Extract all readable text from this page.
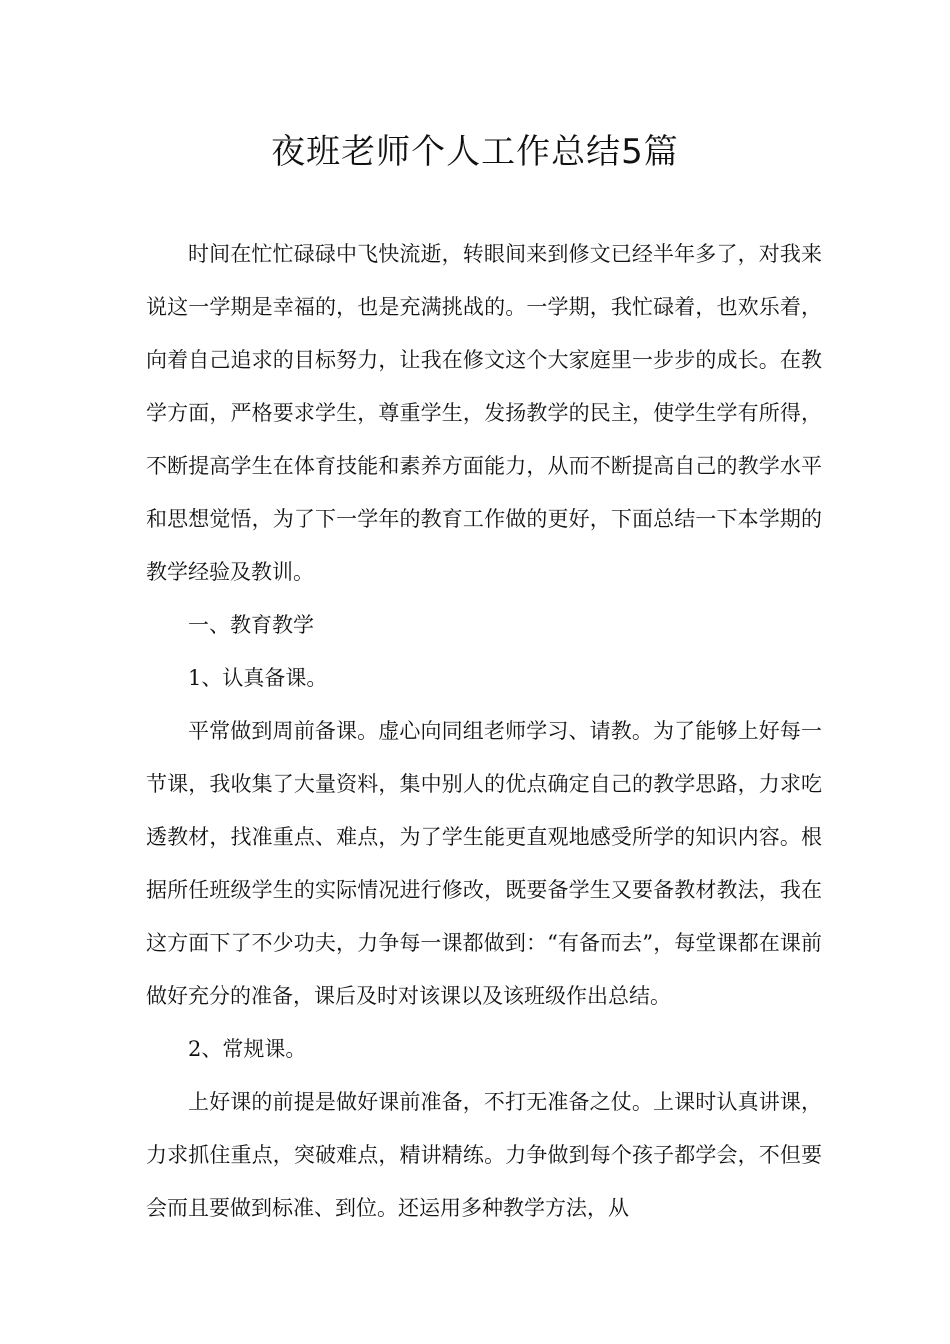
夜班老师个人工作总结5篇

时间在忙忙碌碌中飞快流逝，转眼间来到修文已经半年多了，对我来说这一学期是幸福的，也是充满挑战的。一学期，我忙碌着，也欢乐着，向着自己追求的目标努力，让我在修文这个大家庭里一步步的成长。在教学方面，严格要求学生，尊重学生，发扬教学的民主，使学生学有所得，不断提高学生在体育技能和素养方面能力，从而不断提高自己的教学水平和思想觉悟，为了下一学年的教育工作做的更好，下面总结一下本学期的教学经验及教训。

一、教育教学

1、认真备课。

平常做到周前备课。虚心向同组老师学习、请教。为了能够上好每一节课，我收集了大量资料，集中别人的优点确定自己的教学思路，力求吃透教材，找准重点、难点，为了学生能更直观地感受所学的知识内容。根据所任班级学生的实际情况进行修改，既要备学生又要备教材教法，我在这方面下了不少功夫，力争每一课都做到：“有备而去”，每堂课都在课前做好充分的准备，课后及时对该课以及该班级作出总结。

2、常规课。

上好课的前提是做好课前准备，不打无准备之仗。上课时认真讲课，力求抓住重点，突破难点，精讲精练。力争做到每个孩子都学会，不但要会而且要做到标准、到位。还运用多种教学方法，从
